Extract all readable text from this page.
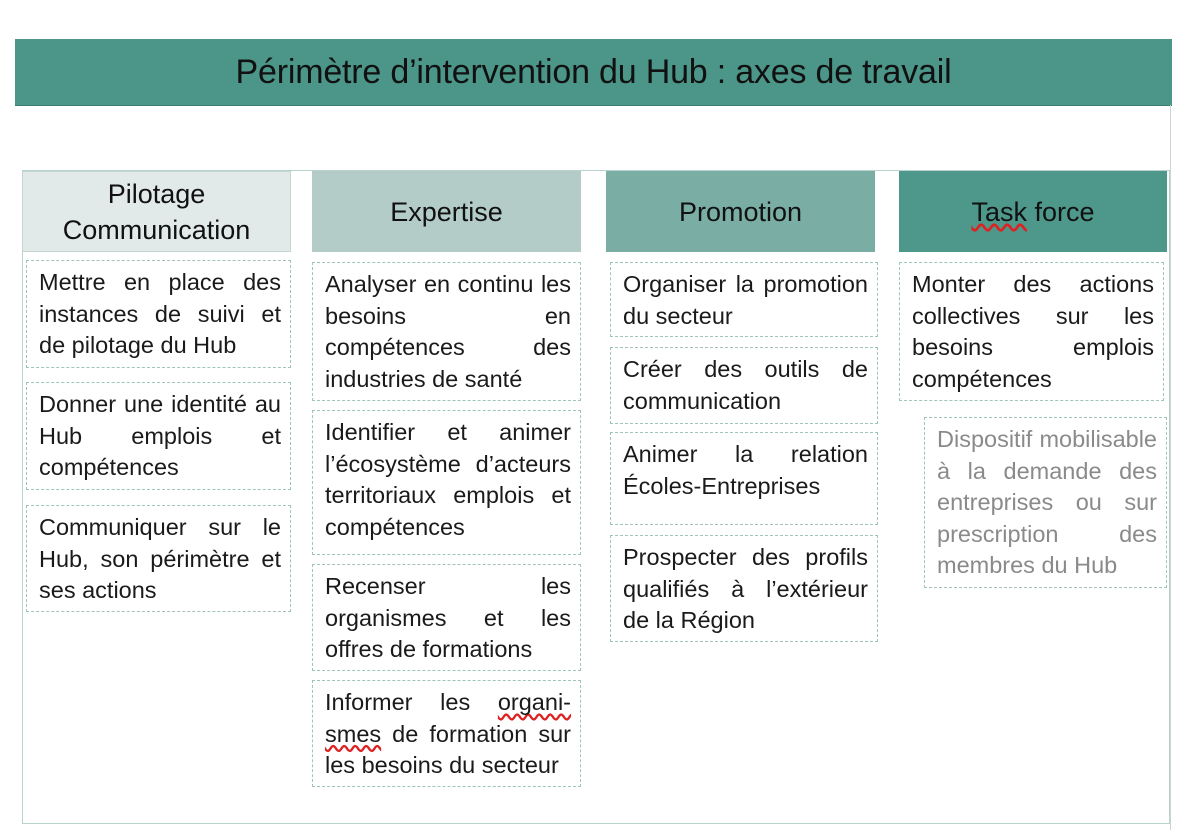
Périmètre d’intervention du Hub : axes de travail
Pilotage
Communication
Expertise	Promotion	Task force
Mettre en place des instances de suivi et de pilotage du Hub
Donner une identité au Hub emplois et compétences
Communiquer sur le Hub, son périmètre et ses actions
Analyser en continu les besoins en compétences des industries de santé
Identifier et animer l’écosystème d’acteurs territoriaux emplois et compétences
Recenser les organismes et les offres de formations
Informer les organi- smes de formation sur les besoins du secteur
Organiser la promotion du secteur
Créer des outils de communication
Animer la relation Écoles-Entreprises
Prospecter des profils qualifiés à l’extérieur de la Région
Monter des actions collectives sur les besoins emplois compétences
Dispositif mobilisable à la demande des entreprises ou sur prescription des membres du Hub
